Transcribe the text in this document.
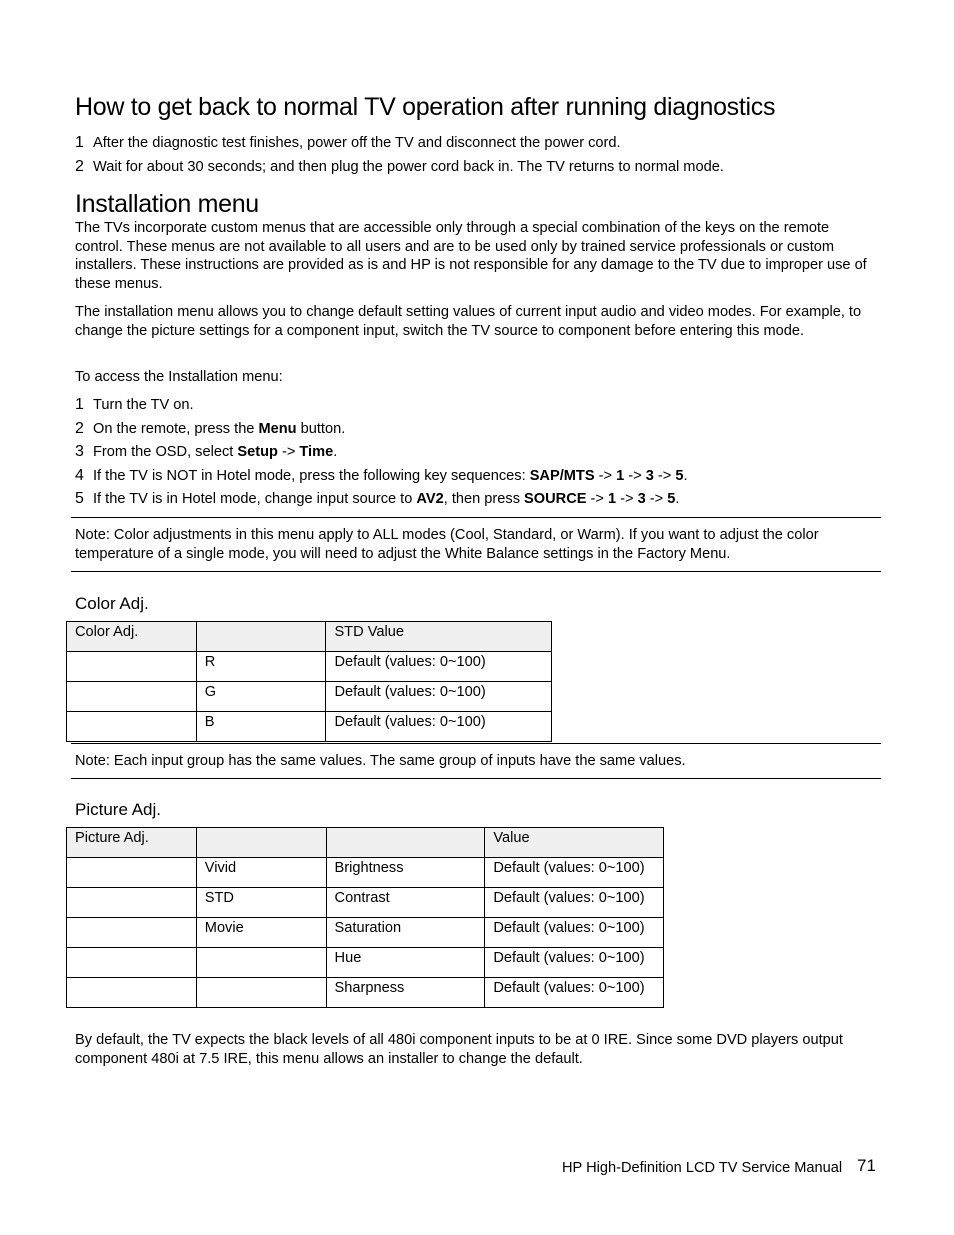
How to get back to normal TV operation after running diagnostics
1 After the diagnostic test finishes, power off the TV and disconnect the power cord.
2 Wait for about 30 seconds; and then plug the power cord back in. The TV returns to normal mode.
Installation menu
The TVs incorporate custom menus that are accessible only through a special combination of the keys on the remote control. These menus are not available to all users and are to be used only by trained service professionals or custom installers. These instructions are provided as is and HP is not responsible for any damage to the TV due to improper use of these menus.
The installation menu allows you to change default setting values of current input audio and video modes. For example, to change the picture settings for a component input, switch the TV source to component before entering this mode.
To access the Installation menu:
1 Turn the TV on.
2 On the remote, press the Menu button.
3 From the OSD, select Setup -> Time.
4 If the TV is NOT in Hotel mode, press the following key sequences: SAP/MTS -> 1 -> 3 -> 5.
5 If the TV is in Hotel mode, change input source to AV2, then press SOURCE -> 1 -> 3 -> 5.
Note: Color adjustments in this menu apply to ALL modes (Cool, Standard, or Warm). If you want to adjust the color temperature of a single mode, you will need to adjust the White Balance settings in the Factory Menu.
Color Adj.
Color Adj.		STD Value
	R	Default (values: 0~100)
	G	Default (values: 0~100)
	B	Default (values: 0~100)
Note: Each input group has the same values. The same group of inputs have the same values.
Picture Adj.
Picture Adj.			Value
	Vivid	Brightness	Default (values: 0~100)
	STD	Contrast	Default (values: 0~100)
	Movie	Saturation	Default (values: 0~100)
		Hue	Default (values: 0~100)
		Sharpness	Default (values: 0~100)
By default, the TV expects the black levels of all 480i component inputs to be at 0 IRE. Since some DVD players output component 480i at 7.5 IRE, this menu allows an installer to change the default.
HP High-Definition LCD TV Service Manual 71
